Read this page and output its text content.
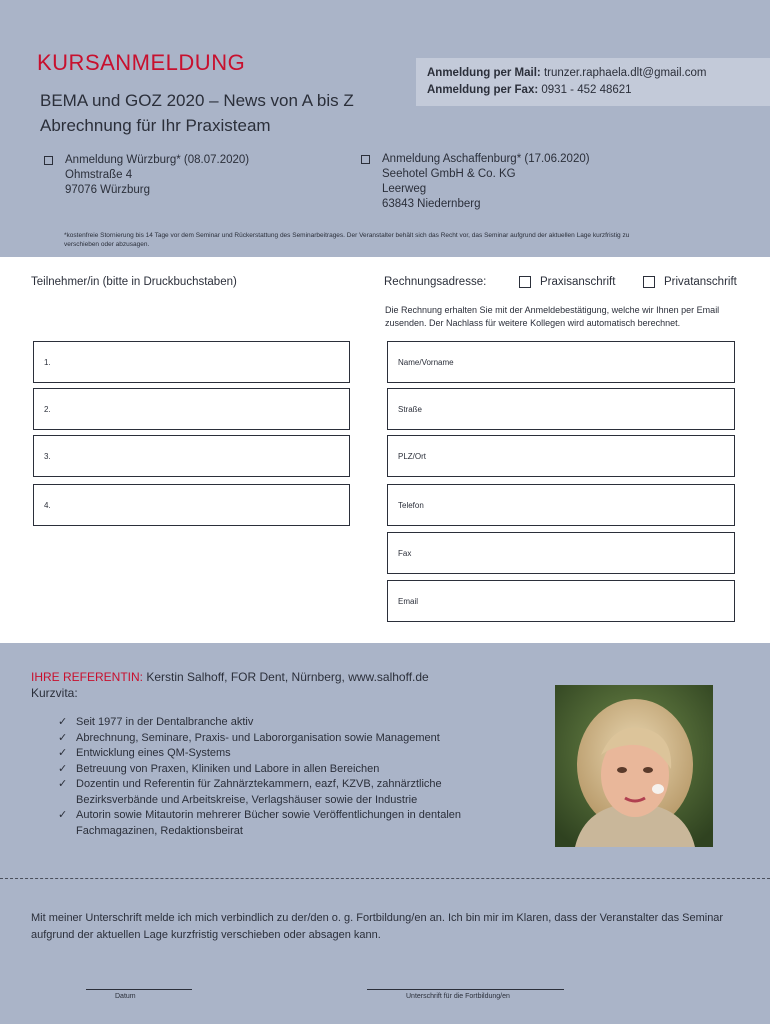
KURSANMELDUNG
BEMA und GOZ 2020 – News von A bis Z Abrechnung für Ihr Praxisteam
Anmeldung per Mail: trunzer.raphaela.dlt@gmail.com
Anmeldung per Fax: 0931 - 452 48621
Anmeldung Würzburg* (08.07.2020)
Ohmstraße 4
97076 Würzburg
Anmeldung Aschaffenburg* (17.06.2020)
Seehotel GmbH & Co. KG
Leerweg
63843 Niedernberg
*kostenfreie Stornierung bis 14 Tage vor dem Seminar und Rückerstattung des Seminarbeitrages. Der Veranstalter behält sich das Recht vor, das Seminar aufgrund der aktuellen Lage kurzfristig zu verschieben oder abzusagen.
Teilnehmer/in (bitte in Druckbuchstaben)	Rechnungsadresse:	Praxisanschrift	Privatanschrift
Die Rechnung erhalten Sie mit der Anmeldebestätigung, welche wir Ihnen per Email zusenden. Der Nachlass für weitere Kollegen wird automatisch berechnet.
1.
2.
3.
4.
Name/Vorname
Straße
PLZ/Ort
Telefon
Fax
Email
IHRE REFERENTIN: Kerstin Salhoff, FOR Dent, Nürnberg, www.salhoff.de
Kurzvita:
✓ Seit 1977 in der Dentalbranche aktiv
✓ Abrechnung, Seminare, Praxis- und Labororganisation sowie Management
✓ Entwicklung eines QM-Systems
✓ Betreuung von Praxen, Kliniken und Labore in allen Bereichen
✓ Dozentin und Referentin für Zahnärztekammern, eazf, KZVB, zahnärztliche Bezirksverbände und Arbeitskreise, Verlagshäuser sowie der Industrie
✓ Autorin sowie Mitautorin mehrerer Bücher sowie Veröffentlichungen in dentalen Fachmagazinen, Redaktionsbeirat
Mit meiner Unterschrift melde ich mich verbindlich zu der/den o. g. Fortbildung/en an. Ich bin mir im Klaren, dass der Veranstalter das Seminar aufgrund der aktuellen Lage kurzfristig verschieben oder absagen kann.
Datum	Unterschrift für die Fortbildung/en
